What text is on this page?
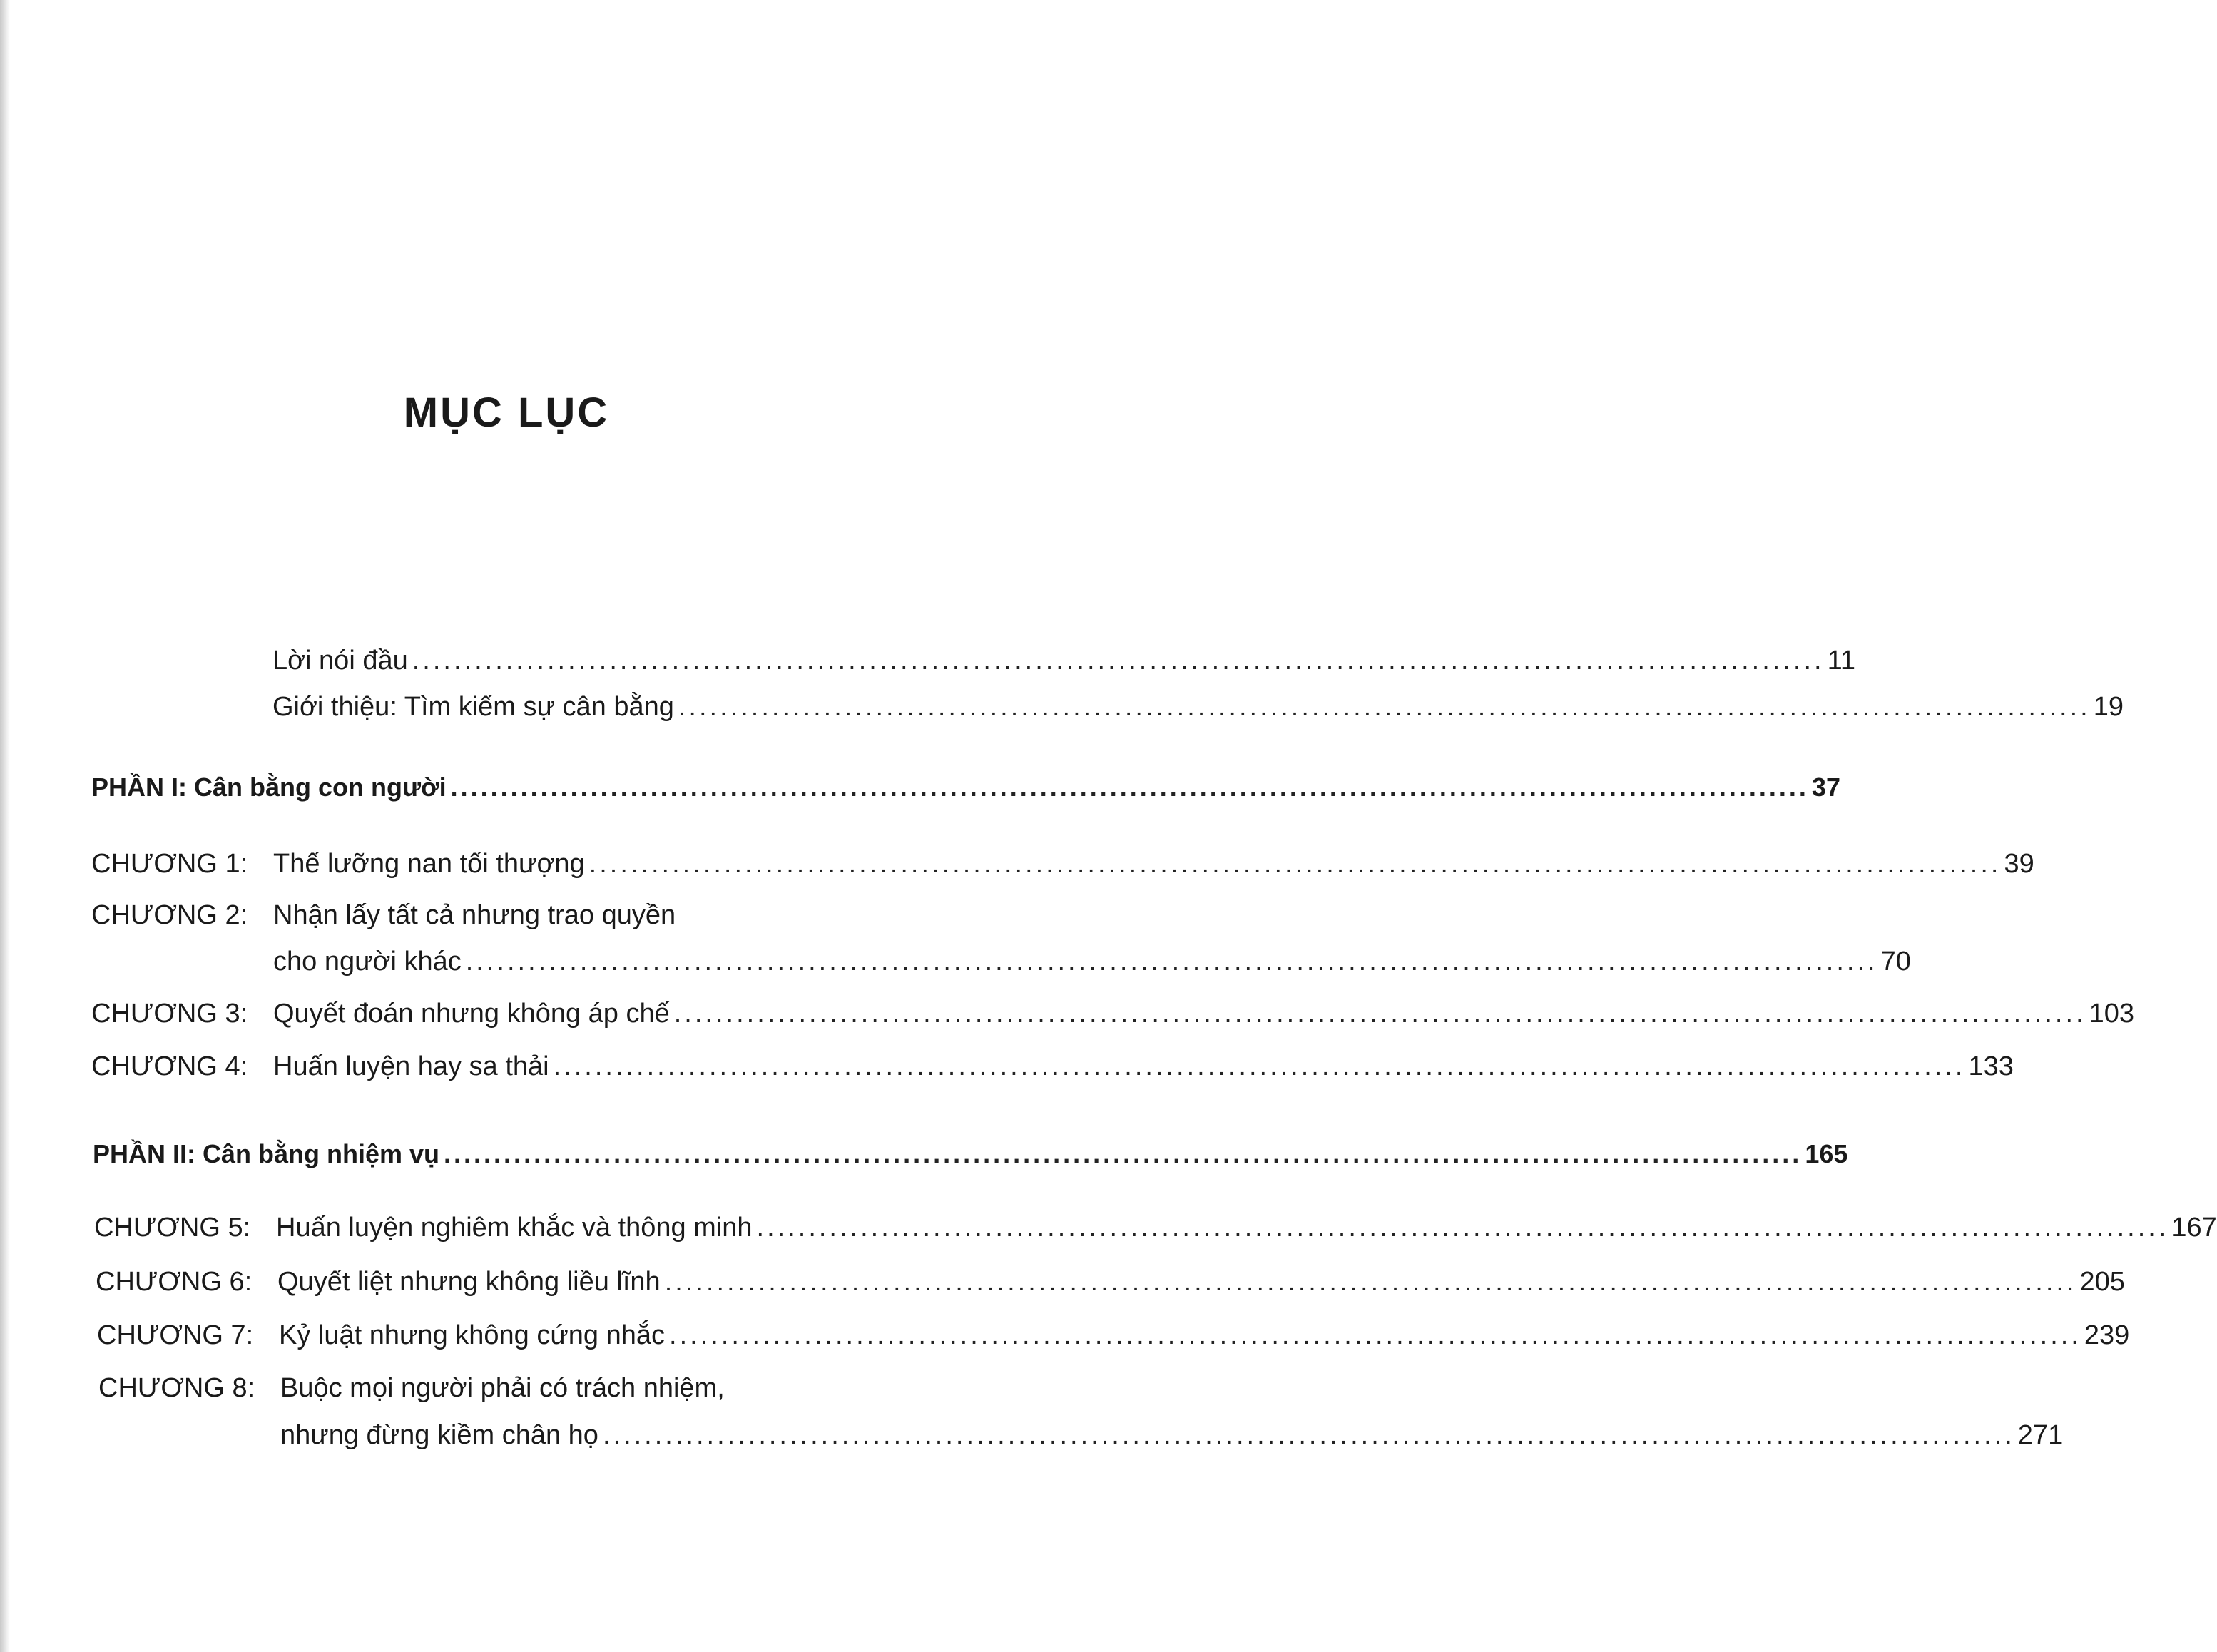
MỤC LỤC
Lời nói đầu ........................................................................................................................................ 11
Giới thiệu: Tìm kiếm sự cân bằng ........................................................................................................................................ 19
PHẦN I: Cân bằng con người ........................................................................................................................................ 37
CHƯƠNG 1: Thế lưỡng nan tối thượng ........................................................................................................................................ 39
CHƯƠNG 2: Nhận lấy tất cả nhưng trao quyền
cho người khác ........................................................................................................................................ 70
CHƯƠNG 3: Quyết đoán nhưng không áp chế ........................................................................................................................................ 103
CHƯƠNG 4: Huấn luyện hay sa thải ........................................................................................................................................ 133
PHẦN II: Cân bằng nhiệm vụ ........................................................................................................................................ 165
CHƯƠNG 5: Huấn luyện nghiêm khắc và thông minh ........................................................................................................................................ 167
CHƯƠNG 6: Quyết liệt nhưng không liều lĩnh ........................................................................................................................................ 205
CHƯƠNG 7: Kỷ luật nhưng không cứng nhắc ........................................................................................................................................ 239
CHƯƠNG 8: Buộc mọi người phải có trách nhiệm,
nhưng đừng kiềm chân họ ........................................................................................................................................ 271
